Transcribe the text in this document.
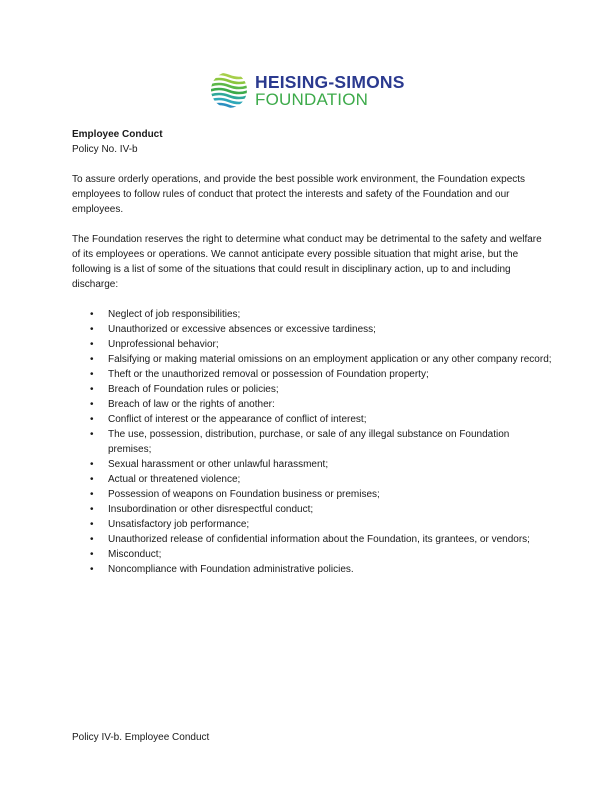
HEISING-SIMONS
FOUNDATION

Employee Conduct

Policy No. IV-b

To assure orderly operations, and provide the best possible work environment, the Foundation expects employees to follow rules of conduct that protect the interests and safety of the Foundation and our employees.

The Foundation reserves the right to determine what conduct may be detrimental to the safety and welfare of its employees or operations. We cannot anticipate every possible situation that might arise, but the following is a list of some of the situations that could result in disciplinary action, up to and including discharge:

• Neglect of job responsibilities;
• Unauthorized or excessive absences or excessive tardiness;
• Unprofessional behavior;
• Falsifying or making material omissions on an employment application or any other company record;
• Theft or the unauthorized removal or possession of Foundation property;
• Breach of Foundation rules or policies;
• Breach of law or the rights of another:
• Conflict of interest or the appearance of conflict of interest;
• The use, possession, distribution, purchase, or sale of any illegal substance on Foundation premises;
• Sexual harassment or other unlawful harassment;
• Actual or threatened violence;
• Possession of weapons on Foundation business or premises;
• Insubordination or other disrespectful conduct;
• Unsatisfactory job performance;
• Unauthorized release of confidential information about the Foundation, its grantees, or vendors;
• Misconduct;
• Noncompliance with Foundation administrative policies.
Policy IV-b. Employee Conduct
